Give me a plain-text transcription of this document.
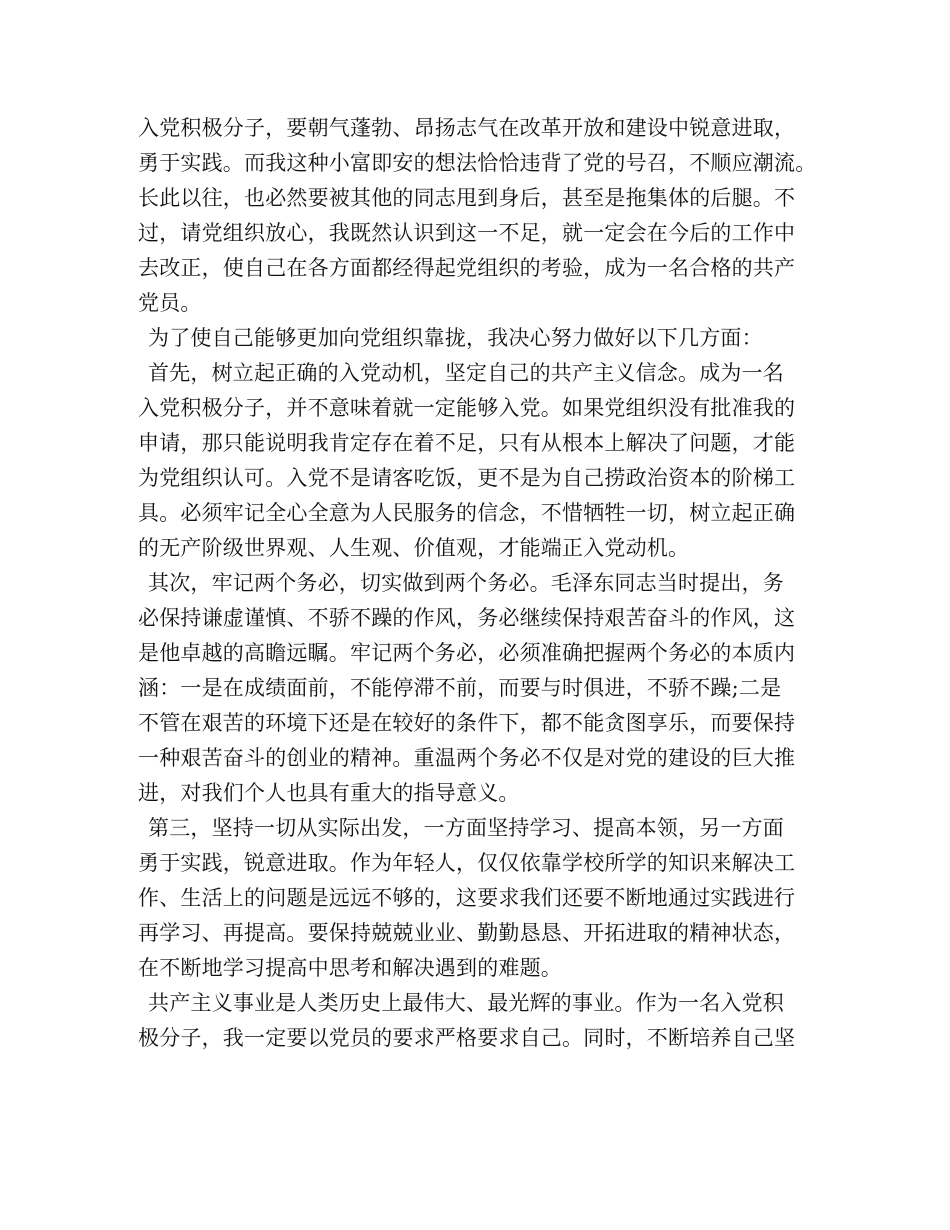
入党积极分子，要朝气蓬勃、昂扬志气在改革开放和建设中锐意进取，
勇于实践。而我这种小富即安的想法恰恰违背了党的号召，不顺应潮流。
长此以往，也必然要被其他的同志甩到身后，甚至是拖集体的后腿。不
过，请党组织放心，我既然认识到这一不足，就一定会在今后的工作中
去改正，使自己在各方面都经得起党组织的考验，成为一名合格的共产
党员。
为了使自己能够更加向党组织靠拢，我决心努力做好以下几方面：
首先，树立起正确的入党动机，坚定自己的共产主义信念。成为一名
入党积极分子，并不意味着就一定能够入党。如果党组织没有批准我的
申请，那只能说明我肯定存在着不足，只有从根本上解决了问题，才能
为党组织认可。入党不是请客吃饭，更不是为自己捞政治资本的阶梯工
具。必须牢记全心全意为人民服务的信念，不惜牺牲一切，树立起正确
的无产阶级世界观、人生观、价值观，才能端正入党动机。
其次，牢记两个务必，切实做到两个务必。毛泽东同志当时提出，务
必保持谦虚谨慎、不骄不躁的作风，务必继续保持艰苦奋斗的作风，这
是他卓越的高瞻远瞩。牢记两个务必，必须准确把握两个务必的本质内
涵：一是在成绩面前，不能停滞不前，而要与时俱进，不骄不躁;二是
不管在艰苦的环境下还是在较好的条件下，都不能贪图享乐，而要保持
一种艰苦奋斗的创业的精神。重温两个务必不仅是对党的建设的巨大推
进，对我们个人也具有重大的指导意义。
第三，坚持一切从实际出发，一方面坚持学习、提高本领，另一方面
勇于实践，锐意进取。作为年轻人，仅仅依靠学校所学的知识来解决工
作、生活上的问题是远远不够的，这要求我们还要不断地通过实践进行
再学习、再提高。要保持兢兢业业、勤勤恳恳、开拓进取的精神状态，
在不断地学习提高中思考和解决遇到的难题。
共产主义事业是人类历史上最伟大、最光辉的事业。作为一名入党积
极分子，我一定要以党员的要求严格要求自己。同时，不断培养自己坚
